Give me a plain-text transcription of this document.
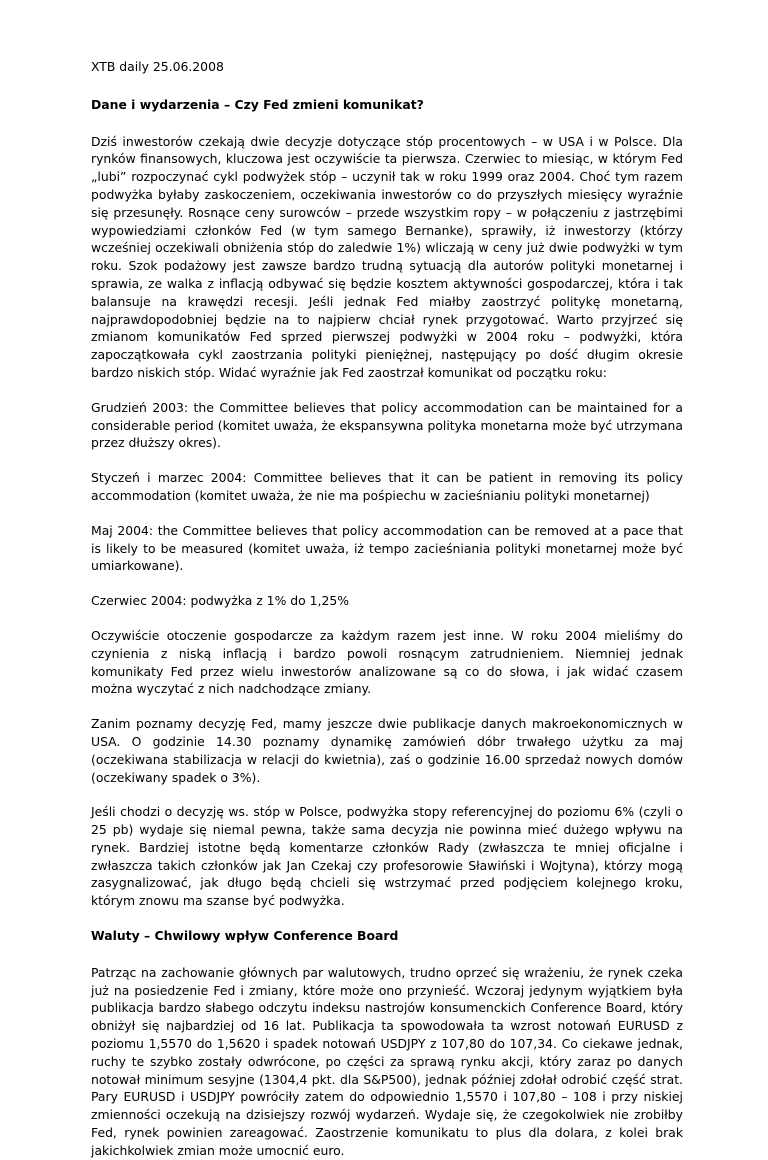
XTB daily 25.06.2008

Dane i wydarzenia – Czy Fed zmieni komunikat?

Dziś inwestorów czekają dwie decyzje dotyczące stóp procentowych – w USA i w Polsce. Dla rynków finansowych, kluczowa jest oczywiście ta pierwsza. Czerwiec to miesiąc, w którym Fed „lubi” rozpoczynać cykl podwyżek stóp – uczynił tak w roku 1999 oraz 2004. Choć tym razem podwyżka byłaby zaskoczeniem, oczekiwania inwestorów co do przyszłych miesięcy wyraźnie się przesunęły. Rosnące ceny surowców – przede wszystkim ropy – w połączeniu z jastrzębimi wypowiedziami członków Fed (w tym samego Bernanke), sprawiły, iż inwestorzy (którzy wcześniej oczekiwali obniżenia stóp do zaledwie 1%) wliczają w ceny już dwie podwyżki w tym roku. Szok podażowy jest zawsze bardzo trudną sytuacją dla autorów polityki monetarnej i sprawia, ze walka z inflacją odbywać się będzie kosztem aktywności gospodarczej, która i tak balansuje na krawędzi recesji. Jeśli jednak Fed miałby zaostrzyć politykę monetarną, najprawdopodobniej będzie na to najpierw chciał rynek przygotować. Warto przyjrzeć się zmianom komunikatów Fed sprzed pierwszej podwyżki w 2004 roku – podwyżki, która zapoczątkowała cykl zaostrzania polityki pieniężnej, następujący po dość długim okresie bardzo niskich stóp. Widać wyraźnie jak Fed zaostrzał komunikat od początku roku:

Grudzień 2003: the Committee believes that policy accommodation can be maintained for a considerable period (komitet uważa, że ekspansywna polityka monetarna może być utrzymana przez dłuższy okres).

Styczeń i marzec 2004: Committee believes that it can be patient in removing its policy accommodation (komitet uważa, że nie ma pośpiechu w zacieśnianiu polityki monetarnej)

Maj 2004: the Committee believes that policy accommodation can be removed at a pace that is likely to be measured (komitet uważa, iż tempo zacieśniania polityki monetarnej może być umiarkowane).

Czerwiec 2004: podwyżka z 1% do 1,25%

Oczywiście otoczenie gospodarcze za każdym razem jest inne. W roku 2004 mieliśmy do czynienia z niską inflacją i bardzo powoli rosnącym zatrudnieniem. Niemniej jednak komunikaty Fed przez wielu inwestorów analizowane są co do słowa, i jak widać czasem można wyczytać z nich nadchodzące zmiany.

Zanim poznamy decyzję Fed, mamy jeszcze dwie publikacje danych makroekonomicznych w USA. O godzinie 14.30 poznamy dynamikę zamówień dóbr trwałego użytku za maj (oczekiwana stabilizacja w relacji do kwietnia), zaś o godzinie 16.00 sprzedaż nowych domów (oczekiwany spadek o 3%).

Jeśli chodzi o decyzję ws. stóp w Polsce, podwyżka stopy referencyjnej do poziomu 6% (czyli o 25 pb) wydaje się niemal pewna, także sama decyzja nie powinna mieć dużego wpływu na rynek. Bardziej istotne będą komentarze członków Rady (zwłaszcza te mniej oficjalne i zwłaszcza takich członków jak Jan Czekaj czy profesorowie Sławiński i Wojtyna), którzy mogą zasygnalizować, jak długo będą chcieli się wstrzymać przed podjęciem kolejnego kroku, którym znowu ma szanse być podwyżka.

Waluty – Chwilowy wpływ Conference Board

Patrząc na zachowanie głównych par walutowych, trudno oprzeć się wrażeniu, że rynek czeka już na posiedzenie Fed i zmiany, które może ono przynieść. Wczoraj jedynym wyjątkiem była publikacja bardzo słabego odczytu indeksu nastrojów konsumenckich Conference Board, który obniżył się najbardziej od 16 lat. Publikacja ta spowodowała ta wzrost notowań EURUSD z poziomu 1,5570 do 1,5620 i spadek notowań USDJPY z 107,80 do 107,34. Co ciekawe jednak, ruchy te szybko zostały odwrócone, po części za sprawą rynku akcji, który zaraz po danych notował minimum sesyjne (1304,4 pkt. dla S&P500), jednak później zdołał odrobić część strat. Pary EURUSD i USDJPY powróciły zatem do odpowiednio 1,5570 i 107,80 – 108 i przy niskiej zmienności oczekują na dzisiejszy rozwój wydarzeń. Wydaje się, że czegokolwiek nie zrobiłby Fed, rynek powinien zareagować. Zaostrzenie komunikatu to plus dla dolara, z kolei brak jakichkolwiek zmian może umocnić euro.
